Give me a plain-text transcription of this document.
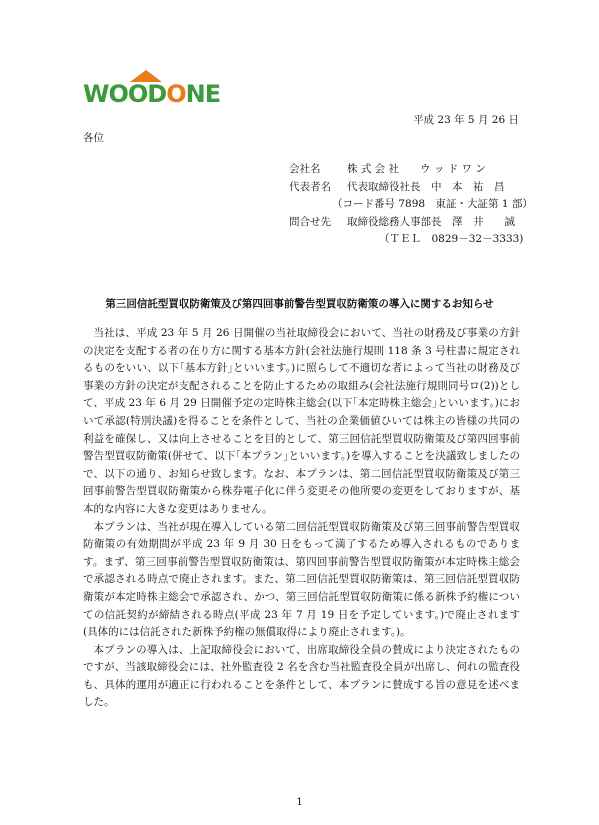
WOODONE
平成 23 年 5 月 26 日
各位
会社名	株 式 会 社　　ウ ッ ド ワ ン
代表者名	代表取締役社長　中　本　祐　昌
（コード番号 7898　東証・大証第 1 部）
問合せ先	取締役総務人事部長　澤　井　　誠
（ＴＥＬ　0829－32－3333)
第三回信託型買収防衛策及び第四回事前警告型買収防衛策の導入に関するお知らせ

当社は、平成 23 年 5 月 26 日開催の当社取締役会において、当社の財務及び事業の方針の決定を支配する者の在り方に関する基本方針(会社法施行規則 118 条 3 号柱書に規定されるものをいい、以下｢基本方針｣といいます。)に照らして不適切な者によって当社の財務及び事業の方針の決定が支配されることを防止するための取組み(会社法施行規則同号ロ(2))として、平成 23 年 6 月 29 日開催予定の定時株主総会(以下｢本定時株主総会｣といいます。)において承認(特別決議)を得ることを条件として、当社の企業価値ひいては株主の皆様の共同の利益を確保し、又は向上させることを目的として、第三回信託型買収防衛策及び第四回事前警告型買収防衛策(併せて、以下｢本プラン｣といいます。)を導入することを決議致しましたので、以下の通り、お知らせ致します。なお、本プランは、第二回信託型買収防衛策及び第三回事前警告型買収防衛策から株券電子化に伴う変更その他所要の変更をしておりますが、基本的な内容に大きな変更はありません。

本プランは、当社が現在導入している第二回信託型買収防衛策及び第三回事前警告型買収防衛策の有効期間が平成 23 年 9 月 30 日をもって満了するため導入されるものであります。まず、第三回事前警告型買収防衛策は、第四回事前警告型買収防衛策が本定時株主総会で承認される時点で廃止されます。また、第二回信託型買収防衛策は、第三回信託型買収防衛策が本定時株主総会で承認され、かつ、第三回信託型買収防衛策に係る新株予約権についての信託契約が締結される時点(平成 23 年 7 月 19 日を予定しています。)で廃止されます(具体的には信託された新株予約権の無償取得により廃止されます。)。

本プランの導入は、上記取締役会において、出席取締役全員の賛成により決定されたものですが、当該取締役会には、社外監査役 2 名を含む当社監査役全員が出席し、何れの監査役も、具体的運用が適正に行われることを条件として、本プランに賛成する旨の意見を述べました。

1
